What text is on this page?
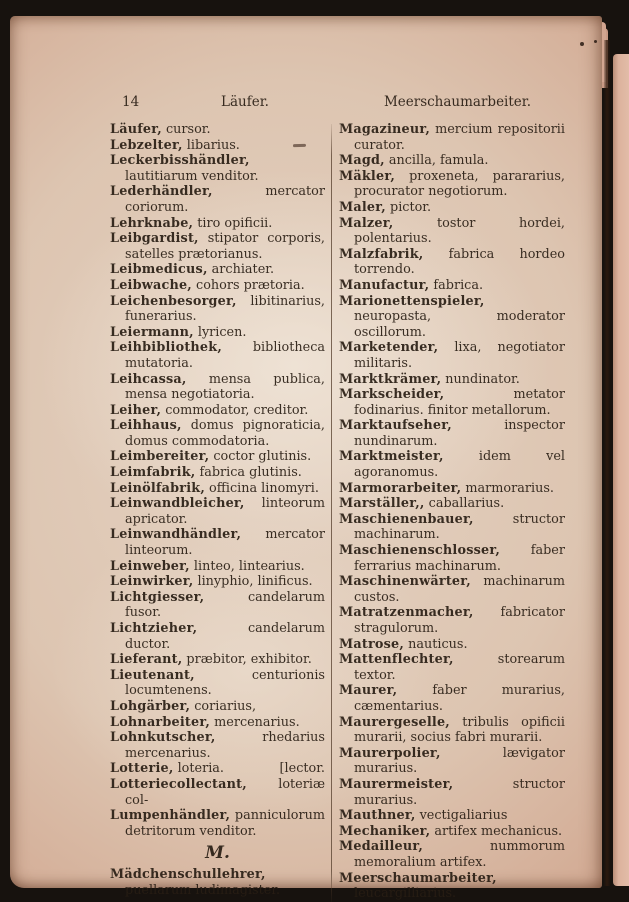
14	Läufer.	Meerschaumarbeiter.

Läufer, cursor.

Lebzelter, libarius.

Leckerbisshändler, lautitiarum venditor.

Lederhändler, mercator coriorum.

Lehrknabe, tiro opificii.

Leibgardist, stipator corporis, satelles prætorianus.

Leibmedicus, archiater.

Leibwache, cohors prætoria.

Leichenbesorger, libitinarius, funerarius.

Leiermann, lyricen.

Leihbibliothek, bibliotheca mutatoria.

Leihcassa, mensa publica, mensa negotiatoria.

Leiher, commodator, creditor.

Leihhaus, domus pignoraticia, domus commodatoria.

Leimbereiter, coctor glutinis.

Leimfabrik, fabrica glutinis.

Leinölfabrik, officina linomyri.

Leinwandbleicher, linteorum apricator.

Leinwandhändler, mercator linteorum.

Leinweber, linteo, lintearius.

Leinwirker, linyphio, linificus.

Lichtgiesser, candelarum fusor.

Lichtzieher, candelarum ductor.

Lieferant, præbitor, exhibitor.

Lieutenant, centurionis locumtenens.

Lohgärber, coriarius,

Lohnarbeiter, mercenarius.

Lohnkutscher, rhedarius mercenarius.

[lector.
Lotterie, loteria.

Lotteriecollectant, loteriæ col-

Lumpenhändler, panniculorum detritorum venditor.

M.

Mädchenschullehrer, puellarum ludimagister.

Magazineur, mercium repositorii curator.

Magd, ancilla, famula.

Mäkler, proxeneta, parararius, procurator negotiorum.

Maler, pictor.

Malzer, tostor hordei, polentarius.

Malzfabrik, fabrica hordeo torrendo.

Manufactur, fabrica.

Marionettenspieler, neuropasta, moderator oscillorum.

Marketender, lixa, negotiator militaris.

Marktkrämer, nundinator.

Markscheider, metator fodinarius. finitor metallorum.

Marktaufseher, inspector nundinarum.

Marktmeister, idem vel agoranomus.

Marmorarbeiter, marmorarius.

Marställer,, caballarius.

Maschienenbauer, structor machinarum.

Maschienenschlosser, faber ferrarius machinarum.

Maschinenwärter, machinarum custos.

Matratzenmacher, fabricator stragulorum.

Matrose, nauticus.

Mattenflechter, storearum textor.

Maurer, faber murarius, cæmentarius.

Maurergeselle, tribulis opificii murarii, socius fabri murarii.

Maurerpolier, lævigator murarius.

Maurermeister, structor murarius.

Mauthner, vectigaliarius

Mechaniker, artifex mechanicus.

Medailleur, nummorum memoralium artifex.

Meerschaumarbeiter, leucargilliarius.
